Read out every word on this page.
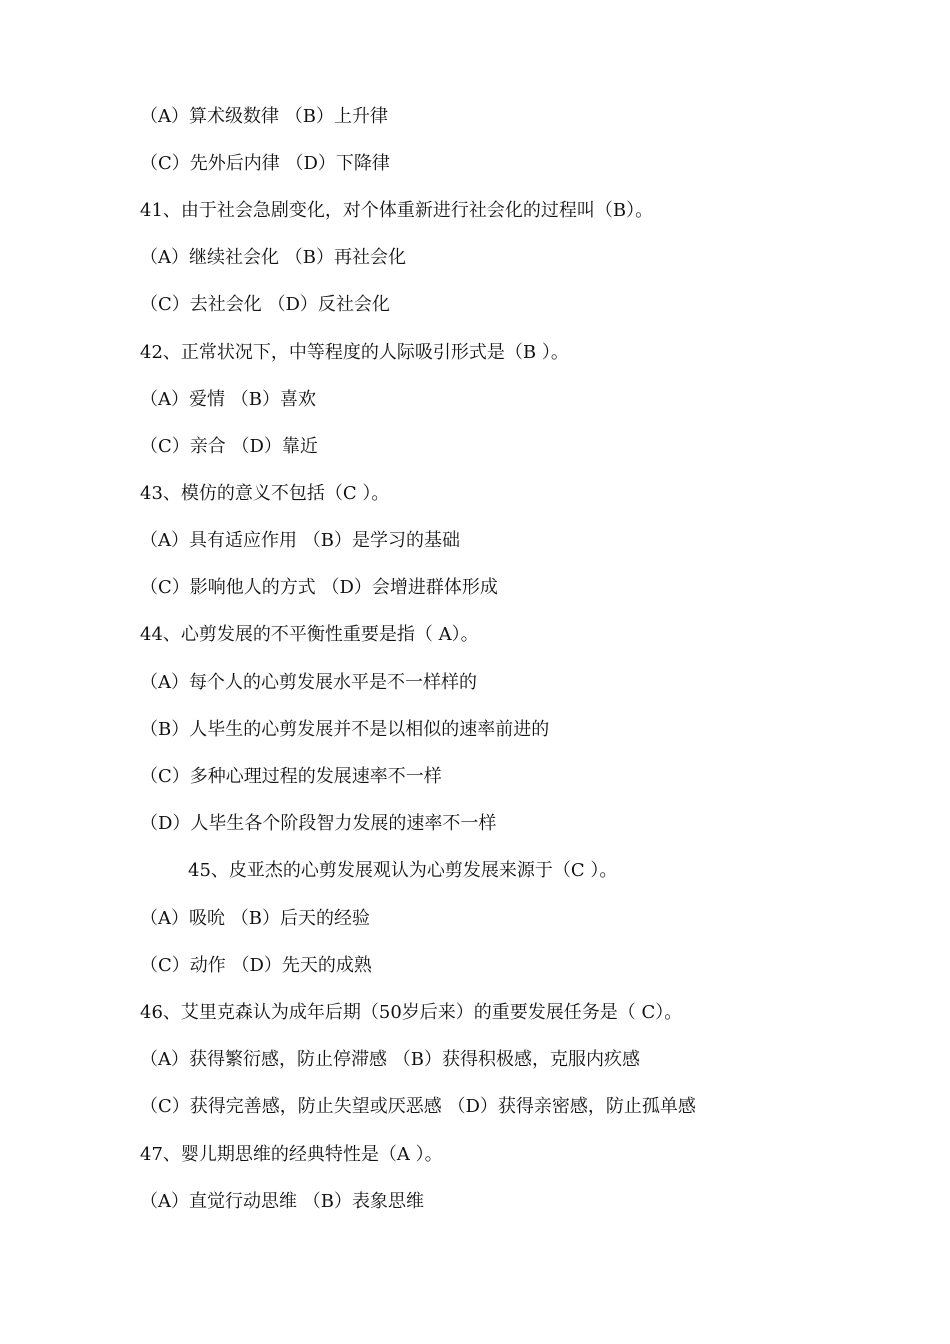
（A）算术级数律 （B）上升律
（C）先外后内律 （D）下降律
41、由于社会急剧变化，对个体重新进行社会化的过程叫（B）。
（A）继续社会化 （B）再社会化
（C）去社会化 （D）反社会化
42、正常状况下，中等程度的人际吸引形式是（B ）。
（A）爱情 （B）喜欢
（C）亲合 （D）靠近
43、模仿的意义不包括（C ）。
（A）具有适应作用 （B）是学习的基础
（C）影响他人的方式 （D）会增进群体形成
44、心剪发展的不平衡性重要是指（ A）。
（A）每个人的心剪发展水平是不一样样的
（B）人毕生的心剪发展并不是以相似的速率前进的
（C）多种心理过程的发展速率不一样
（D）人毕生各个阶段智力发展的速率不一样
45、皮亚杰的心剪发展观认为心剪发展来源于（C ）。
（A）吸吮 （B）后天的经验
（C）动作 （D）先天的成熟
46、艾里克森认为成年后期（50岁后来）的重要发展任务是（ C）。
（A）获得繁衍感，防止停滞感 （B）获得积极感，克服内疚感
（C）获得完善感，防止失望或厌恶感 （D）获得亲密感，防止孤单感
47、婴儿期思维的经典特性是（A ）。
（A）直觉行动思维 （B）表象思维
